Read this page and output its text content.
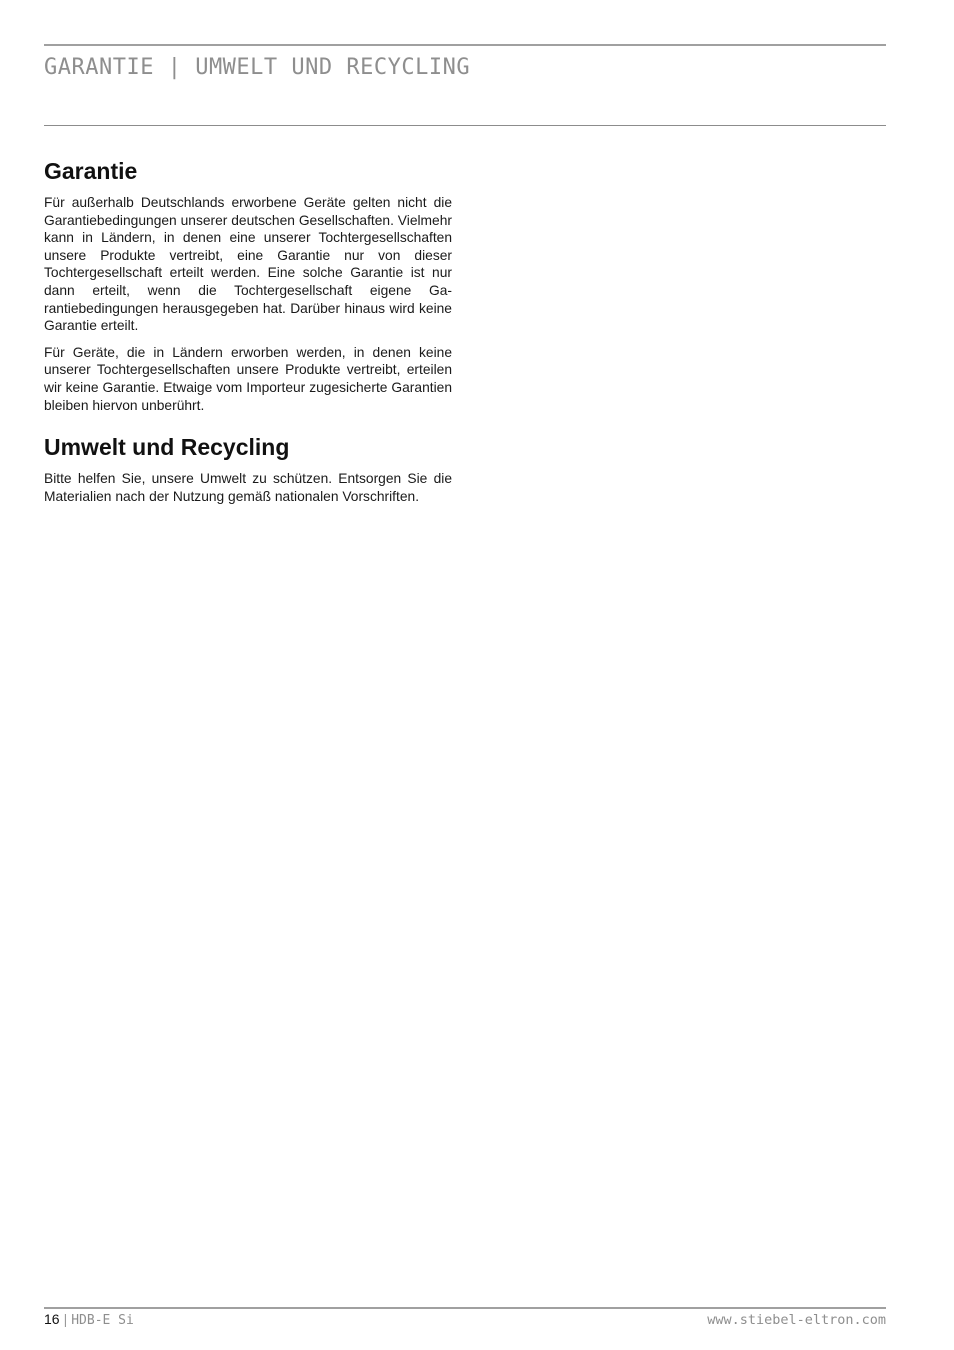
GARANTIE | UMWELT UND RECYCLING
Garantie

Für außerhalb Deutschlands erworbene Geräte gelten nicht die Garantiebedingungen unserer deutschen Gesellschaften. Vielmehr kann in Ländern, in denen eine unserer Tochtergesellschaften unsere Produkte vertreibt, eine Garantie nur von dieser Tochtergesellschaft erteilt werden. Eine solche Garantie ist nur dann erteilt, wenn die Tochtergesellschaft eigene Garantiebedingungen herausgegeben hat. Darüber hinaus wird keine Garantie erteilt.

Für Geräte, die in Ländern erworben werden, in denen keine unserer Tochtergesellschaften unsere Produkte vertreibt, erteilen wir keine Garantie. Etwaige vom Importeur zugesicherte Garantien bleiben hiervon unberührt.

Umwelt und Recycling

Bitte helfen Sie, unsere Umwelt zu schützen. Entsorgen Sie die Materialien nach der Nutzung gemäß nationalen Vorschriften.

16 | HDB-E Si	www.stiebel-eltron.com
